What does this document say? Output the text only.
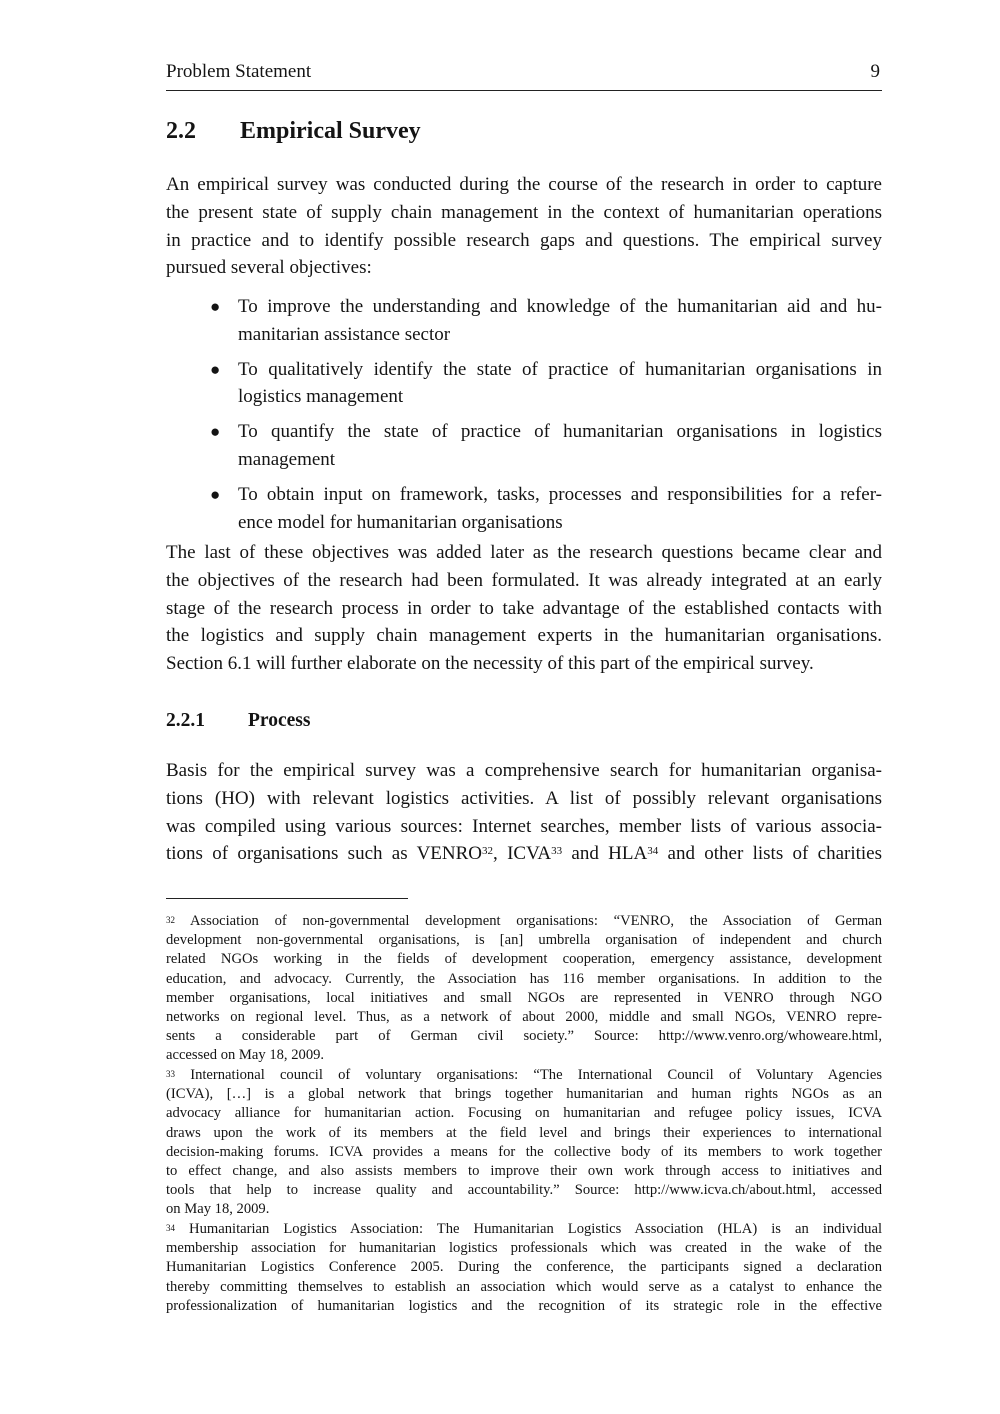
Problem Statement	9
2.2 Empirical Survey
An empirical survey was conducted during the course of the research in order to capture
the present state of supply chain management in the context of humanitarian operations
in practice and to identify possible research gaps and questions. The empirical survey
pursued several objectives:
● To improve the understanding and knowledge of the humanitarian aid and hu-
manitarian assistance sector
● To qualitatively identify the state of practice of humanitarian organisations in
logistics management
● To quantify the state of practice of humanitarian organisations in logistics
management
● To obtain input on framework, tasks, processes and responsibilities for a refer-
ence model for humanitarian organisations
The last of these objectives was added later as the research questions became clear and
the objectives of the research had been formulated. It was already integrated at an early
stage of the research process in order to take advantage of the established contacts with
the logistics and supply chain management experts in the humanitarian organisations.
Section 6.1 will further elaborate on the necessity of this part of the empirical survey.
2.2.1 Process
Basis for the empirical survey was a comprehensive search for humanitarian organisa-
tions (HO) with relevant logistics activities. A list of possibly relevant organisations
was compiled using various sources: Internet searches, member lists of various associa-
tions of organisations such as VENRO$^{32}$, ICVA$^{33}$ and HLA$^{34}$ and other lists of charities
$^{32}$ Association of non-governmental development organisations: “VENRO, the Association of German
development non-governmental organisations, is [an] umbrella organisation of independent and church
related NGOs working in the fields of development cooperation, emergency assistance, development
education, and advocacy. Currently, the Association has 116 member organisations. In addition to the
member organisations, local initiatives and small NGOs are represented in VENRO through NGO
networks on regional level. Thus, as a network of about 2000, middle and small NGOs, VENRO repre-
sents a considerable part of German civil society.” Source: http://www.venro.org/whoweare.html,
accessed on May 18, 2009.
$^{33}$ International council of voluntary organisations: “The International Council of Voluntary Agencies
(ICVA), […] is a global network that brings together humanitarian and human rights NGOs as an
advocacy alliance for humanitarian action. Focusing on humanitarian and refugee policy issues, ICVA
draws upon the work of its members at the field level and brings their experiences to international
decision-making forums. ICVA provides a means for the collective body of its members to work together
to effect change, and also assists members to improve their own work through access to initiatives and
tools that help to increase quality and accountability.” Source: http://www.icva.ch/about.html, accessed
on May 18, 2009.
$^{34}$ Humanitarian Logistics Association: The Humanitarian Logistics Association (HLA) is an individual
membership association for humanitarian logistics professionals which was created in the wake of the
Humanitarian Logistics Conference 2005. During the conference, the participants signed a declaration
thereby committing themselves to establish an association which would serve as a catalyst to enhance the
professionalization of humanitarian logistics and the recognition of its strategic role in the effective
